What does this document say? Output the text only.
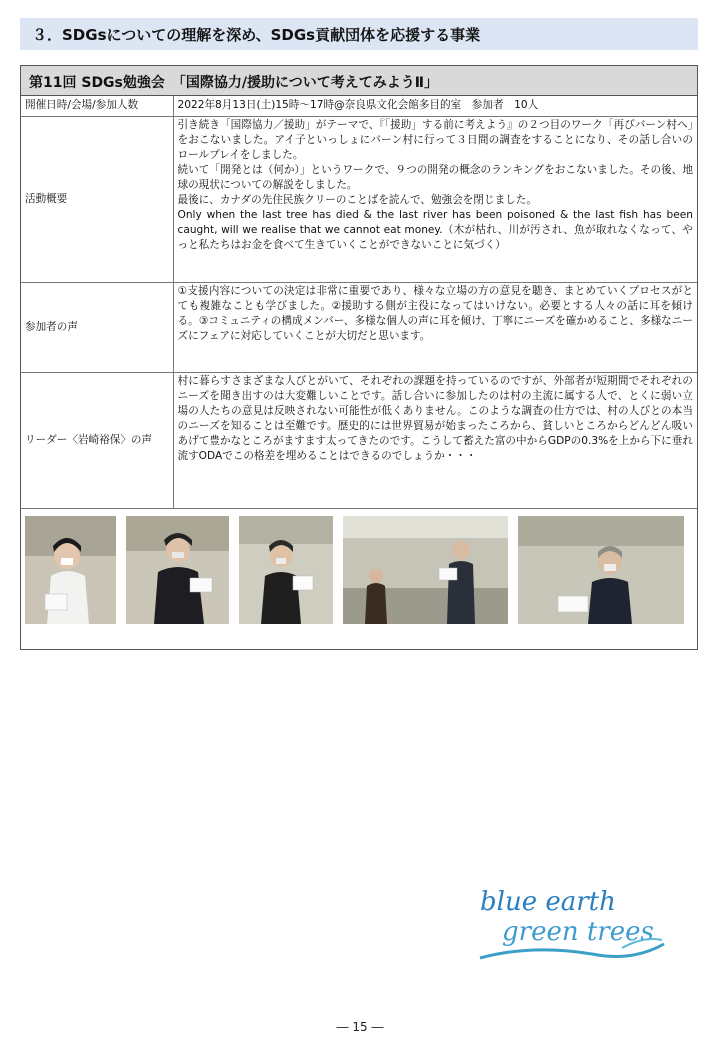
３．SDGsについての理解を深め、SDGs貢献団体を応援する事業
第11回 SDGs勉強会　「国際協力/援助について考えてみようⅡ」
開催日時/会場/参加人数	2022年8月13日(土)15時～17時@奈良県文化会館多目的室　参加者　10人
活動概要	引き続き「国際協力／援助」がテーマで、『「援助」する前に考えよう』の２つ目のワーク「再びバーン村へ」をおこないました。アイ子といっしょにバーン村に行って３日間の調査をすることになり、その話し合いのロールプレイをしました。
続いて「開発とは（何か）」というワークで、９つの開発の概念のランキングをおこないました。その後、地球の現状についての解説をしました。
最後に、カナダの先住民族クリーのことばを読んで、勉強会を閉じました。
Only when the last tree has died & the last river has been poisoned & the last fish has been caught, will we realise that we cannot eat money.（木が枯れ、川が汚され、魚が取れなくなって、やっと私たちはお金を食べて生きていくことができないことに気づく）
参加者の声	①支援内容についての決定は非常に重要であり、様々な立場の方の意見を聴き、まとめていくプロセスがとても複雑なことも学びました。②援助する側が主役になってはいけない。必要とする人々の話に耳を傾ける。③コミュニティの構成メンバー、多様な個人の声に耳を傾け、丁寧にニーズを確かめること、多様なニーズにフェアに対応していくことが大切だと思います。
リーダー〈岩崎裕保〉の声	村に暮らすさまざまな人びとがいて、それぞれの課題を持っているのですが、外部者が短期間でそれぞれのニーズを聞き出すのは大変難しいことです。話し合いに参加したのは村の主流に属する人で、とくに弱い立場の人たちの意見は反映されない可能性が低くありません。このような調査の仕方では、村の人びとの本当のニーズを知ることは至難です。歴史的には世界貿易が始まったころから、貧しいところからどんどん吸いあげて豊かなところがますます太ってきたのです。こうして蓄えた富の中からGDPの0.3%を上から下に垂れ流すODAでこの格差を埋めることはできるのでしょうか・・・
blue earth
green trees
― 15 ―
